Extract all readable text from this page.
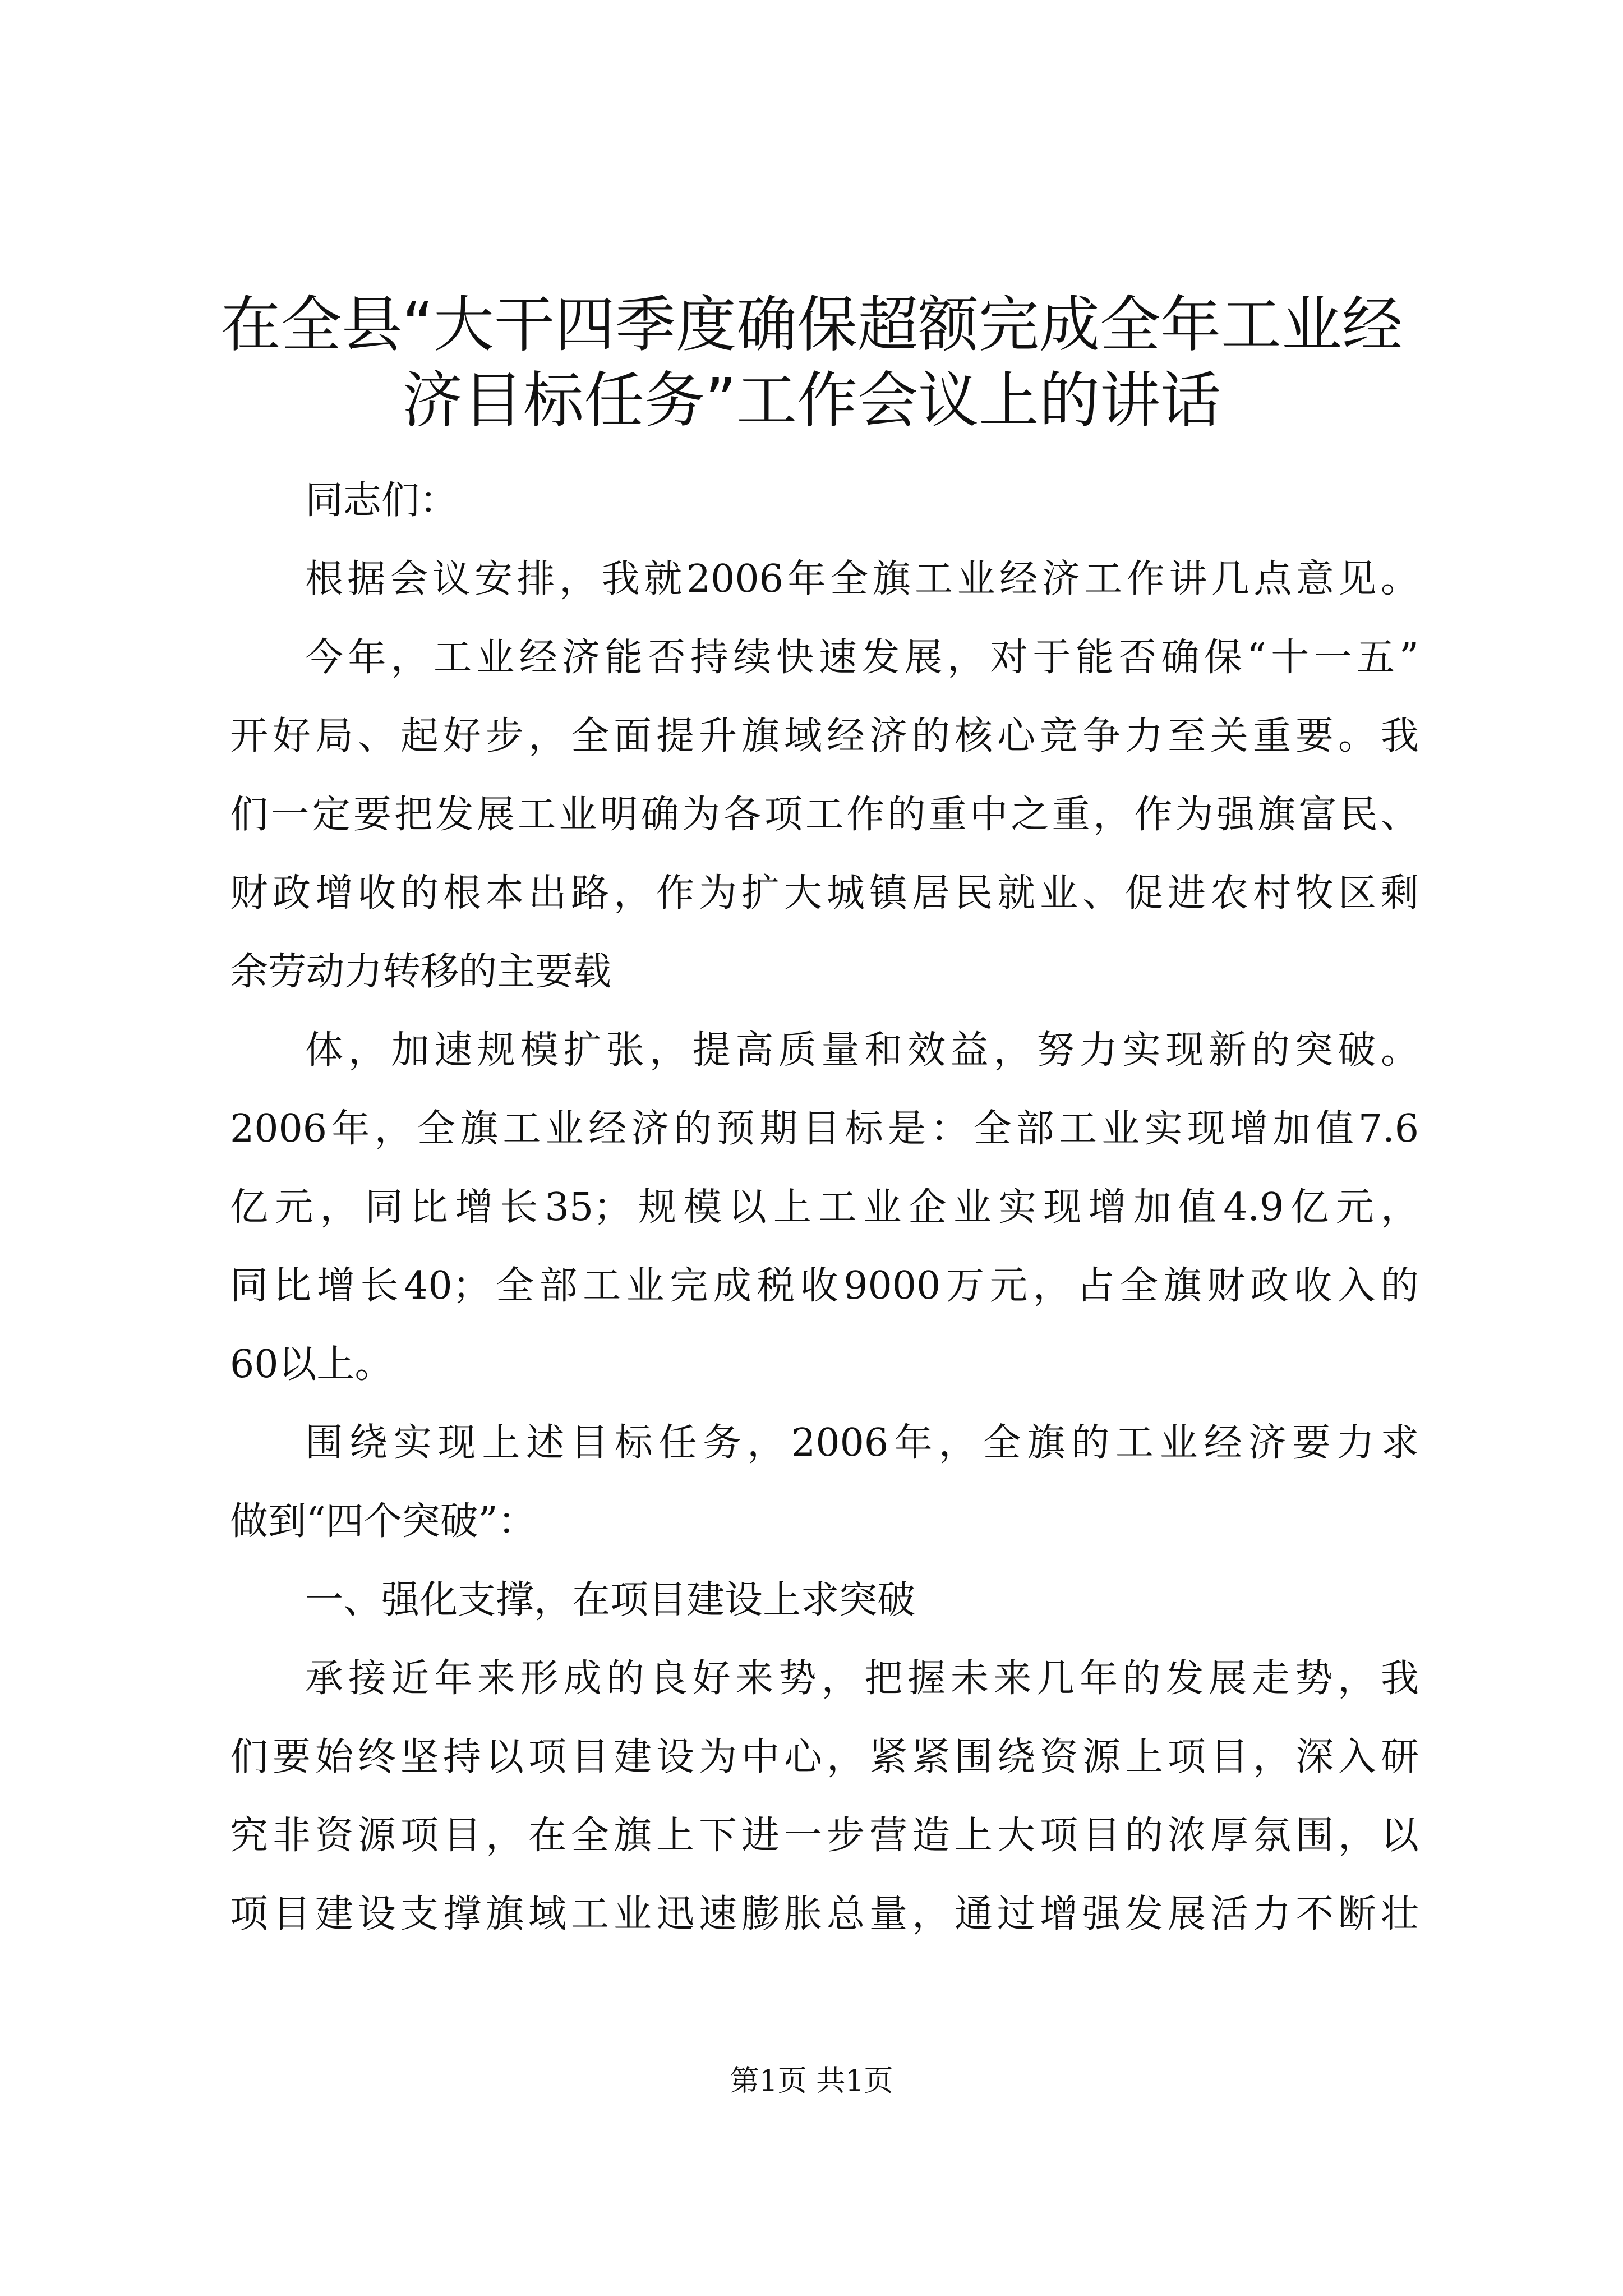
在全县“大干四季度确保超额完成全年工业经
济目标任务”工作会议上的讲话
同志们：
根据会议安排，我就2006年全旗工业经济工作讲几点意见。
今年，工业经济能否持续快速发展，对于能否确保“十一五”
开好局、起好步，全面提升旗域经济的核心竞争力至关重要。我
们一定要把发展工业明确为各项工作的重中之重，作为强旗富民、
财政增收的根本出路，作为扩大城镇居民就业、促进农村牧区剩
余劳动力转移的主要载
体，加速规模扩张，提高质量和效益，努力实现新的突破。
2006年，全旗工业经济的预期目标是：全部工业实现增加值7.6
亿元，同比增长35；规模以上工业企业实现增加值4.9亿元，
同比增长40；全部工业完成税收9000万元，占全旗财政收入的
60以上。
围绕实现上述目标任务，2006年，全旗的工业经济要力求
做到“四个突破”：
一、强化支撑，在项目建设上求突破
承接近年来形成的良好来势，把握未来几年的发展走势，我
们要始终坚持以项目建设为中心，紧紧围绕资源上项目，深入研
究非资源项目，在全旗上下进一步营造上大项目的浓厚氛围，以
项目建设支撑旗域工业迅速膨胀总量，通过增强发展活力不断壮
第1页 共1页
